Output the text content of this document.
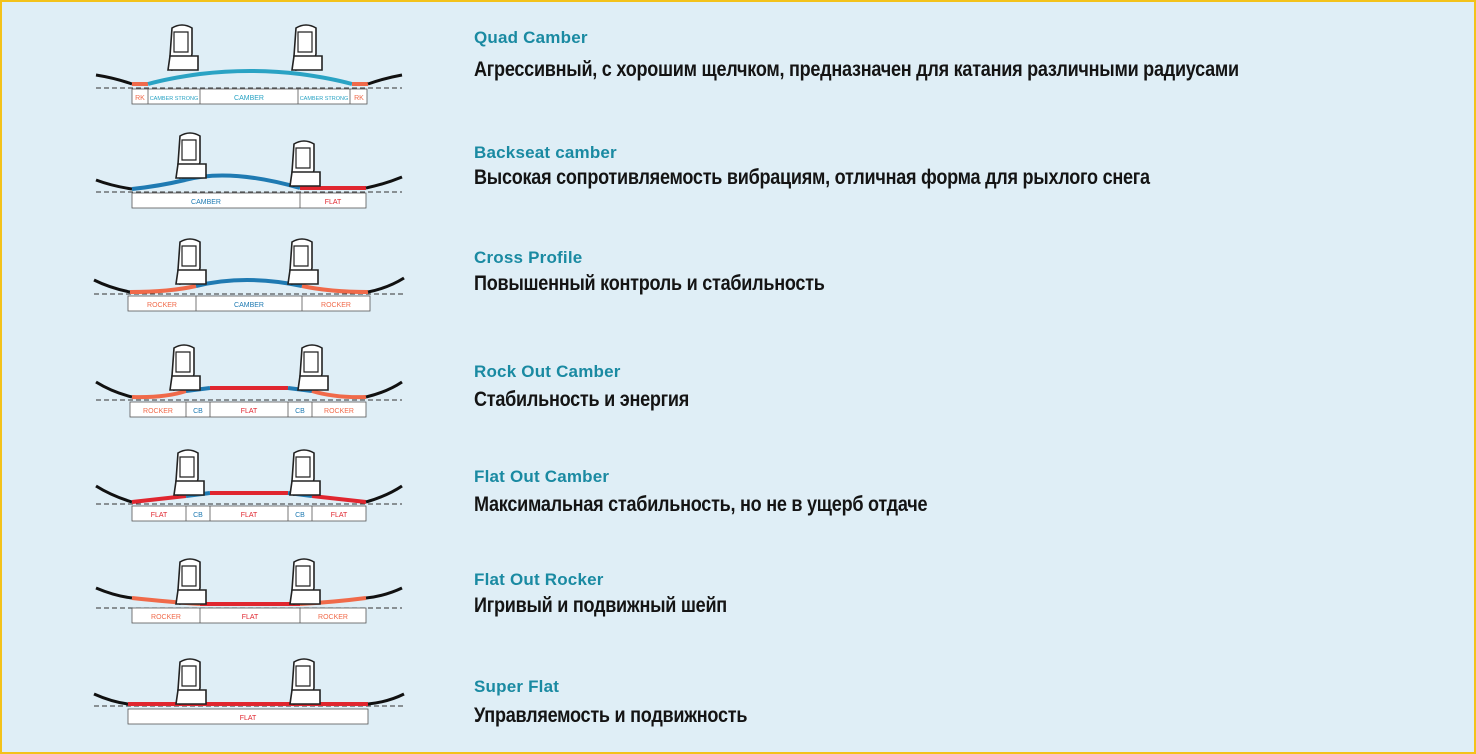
RK CAMBER STRONG	CAMBER	CAMBER STRONG RK
Quad Camber
Агрессивный, с хорошим щелчком, предназначен для катания различными радиусами
CAMBER	FLAT
Backseat camber
Высокая сопротивляемость вибрациям, отличная форма для рыхлого снега
ROCKER	CAMBER	ROCKER
Cross Profile
Повышенный контроль и стабильность
ROCKER	CB	FLAT	CB	ROCKER
Rock Out Camber
Стабильность и энергия
FLAT	CB	FLAT	CB	FLAT
Flat Out Camber
Максимальная стабильность, но не в ущерб отдаче
ROCKER	FLAT	ROCKER
Flat Out Rocker
Игривый и подвижный шейп
FLAT
Super Flat
Управляемость и подвижность
